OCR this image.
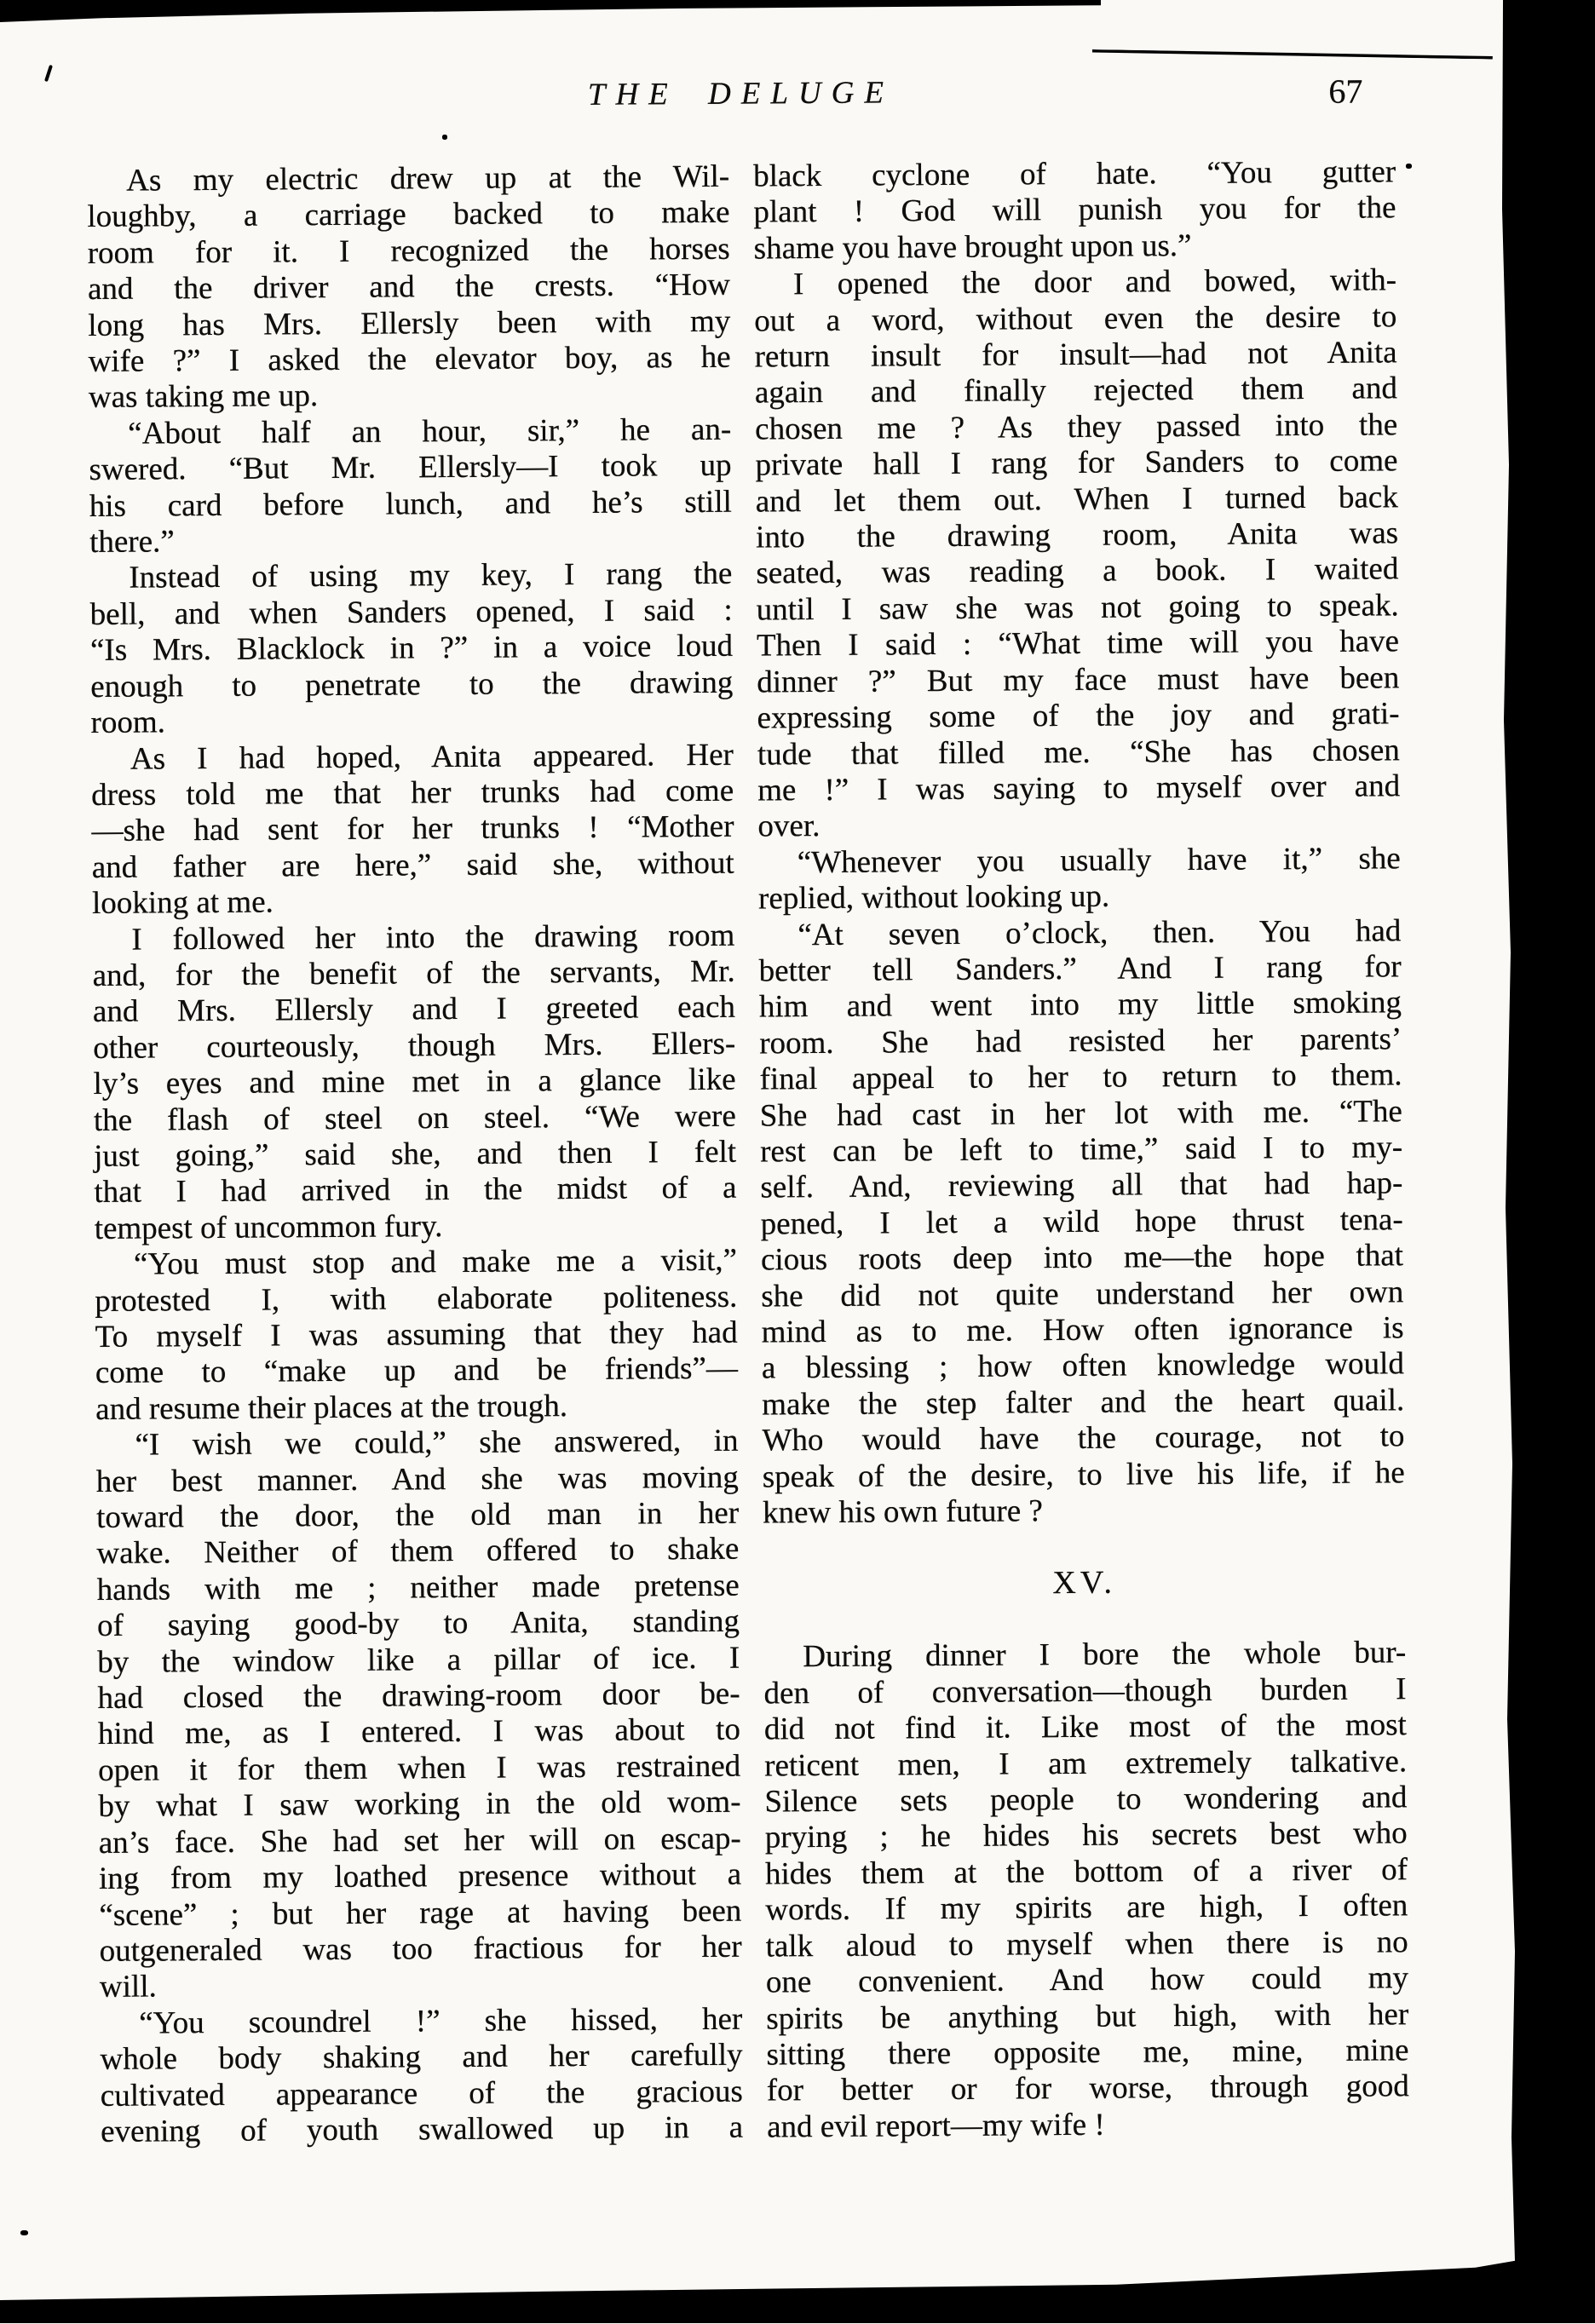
THE DELUGE	67
As my electric drew up at the Wil-
loughby, a carriage backed to make
room for it. I recognized the horses
and the driver and the crests. “How
long has Mrs. Ellersly been with my
wife ?” I asked the elevator boy, as he
was taking me up.
“About half an hour, sir,” he an-
swered. “But Mr. Ellersly—I took up
his card before lunch, and he’s still
there.”
Instead of using my key, I rang the
bell, and when Sanders opened, I said :
“Is Mrs. Blacklock in ?” in a voice loud
enough to penetrate to the drawing
room.
As I had hoped, Anita appeared. Her
dress told me that her trunks had come
—she had sent for her trunks ! “Mother
and father are here,” said she, without
looking at me.
I followed her into the drawing room
and, for the benefit of the servants, Mr.
and Mrs. Ellersly and I greeted each
other courteously, though Mrs. Ellers-
ly’s eyes and mine met in a glance like
the flash of steel on steel. “We were
just going,” said she, and then I felt
that I had arrived in the midst of a
tempest of uncommon fury.
“You must stop and make me a visit,”
protested I, with elaborate politeness.
To myself I was assuming that they had
come to “make up and be friends”—
and resume their places at the trough.
“I wish we could,” she answered, in
her best manner. And she was moving
toward the door, the old man in her
wake. Neither of them offered to shake
hands with me ; neither made pretense
of saying good-by to Anita, standing
by the window like a pillar of ice. I
had closed the drawing-room door be-
hind me, as I entered. I was about to
open it for them when I was restrained
by what I saw working in the old wom-
an’s face. She had set her will on escap-
ing from my loathed presence without a
“scene” ; but her rage at having been
outgeneraled was too fractious for her
will.
“You scoundrel !” she hissed, her
whole body shaking and her carefully
cultivated appearance of the gracious
evening of youth swallowed up in a
black cyclone of hate. “You gutter
plant ! God will punish you for the
shame you have brought upon us.”
I opened the door and bowed, with-
out a word, without even the desire to
return insult for insult—had not Anita
again and finally rejected them and
chosen me ? As they passed into the
private hall I rang for Sanders to come
and let them out. When I turned back
into the drawing room, Anita was
seated, was reading a book. I waited
until I saw she was not going to speak.
Then I said : “What time will you have
dinner ?” But my face must have been
expressing some of the joy and grati-
tude that filled me. “She has chosen
me !” I was saying to myself over and
over.
“Whenever you usually have it,” she
replied, without looking up.
“At seven o’clock, then. You had
better tell Sanders.” And I rang for
him and went into my little smoking
room. She had resisted her parents’
final appeal to her to return to them.
She had cast in her lot with me. “The
rest can be left to time,” said I to my-
self. And, reviewing all that had hap-
pened, I let a wild hope thrust tena-
cious roots deep into me—the hope that
she did not quite understand her own
mind as to me. How often ignorance is
a blessing ; how often knowledge would
make the step falter and the heart quail.
Who would have the courage, not to
speak of the desire, to live his life, if he
knew his own future ?
XV.
During dinner I bore the whole bur-
den of conversation—though burden I
did not find it. Like most of the most
reticent men, I am extremely talkative.
Silence sets people to wondering and
prying ; he hides his secrets best who
hides them at the bottom of a river of
words. If my spirits are high, I often
talk aloud to myself when there is no
one convenient. And how could my
spirits be anything but high, with her
sitting there opposite me, mine, mine
for better or for worse, through good
and evil report—my wife !
